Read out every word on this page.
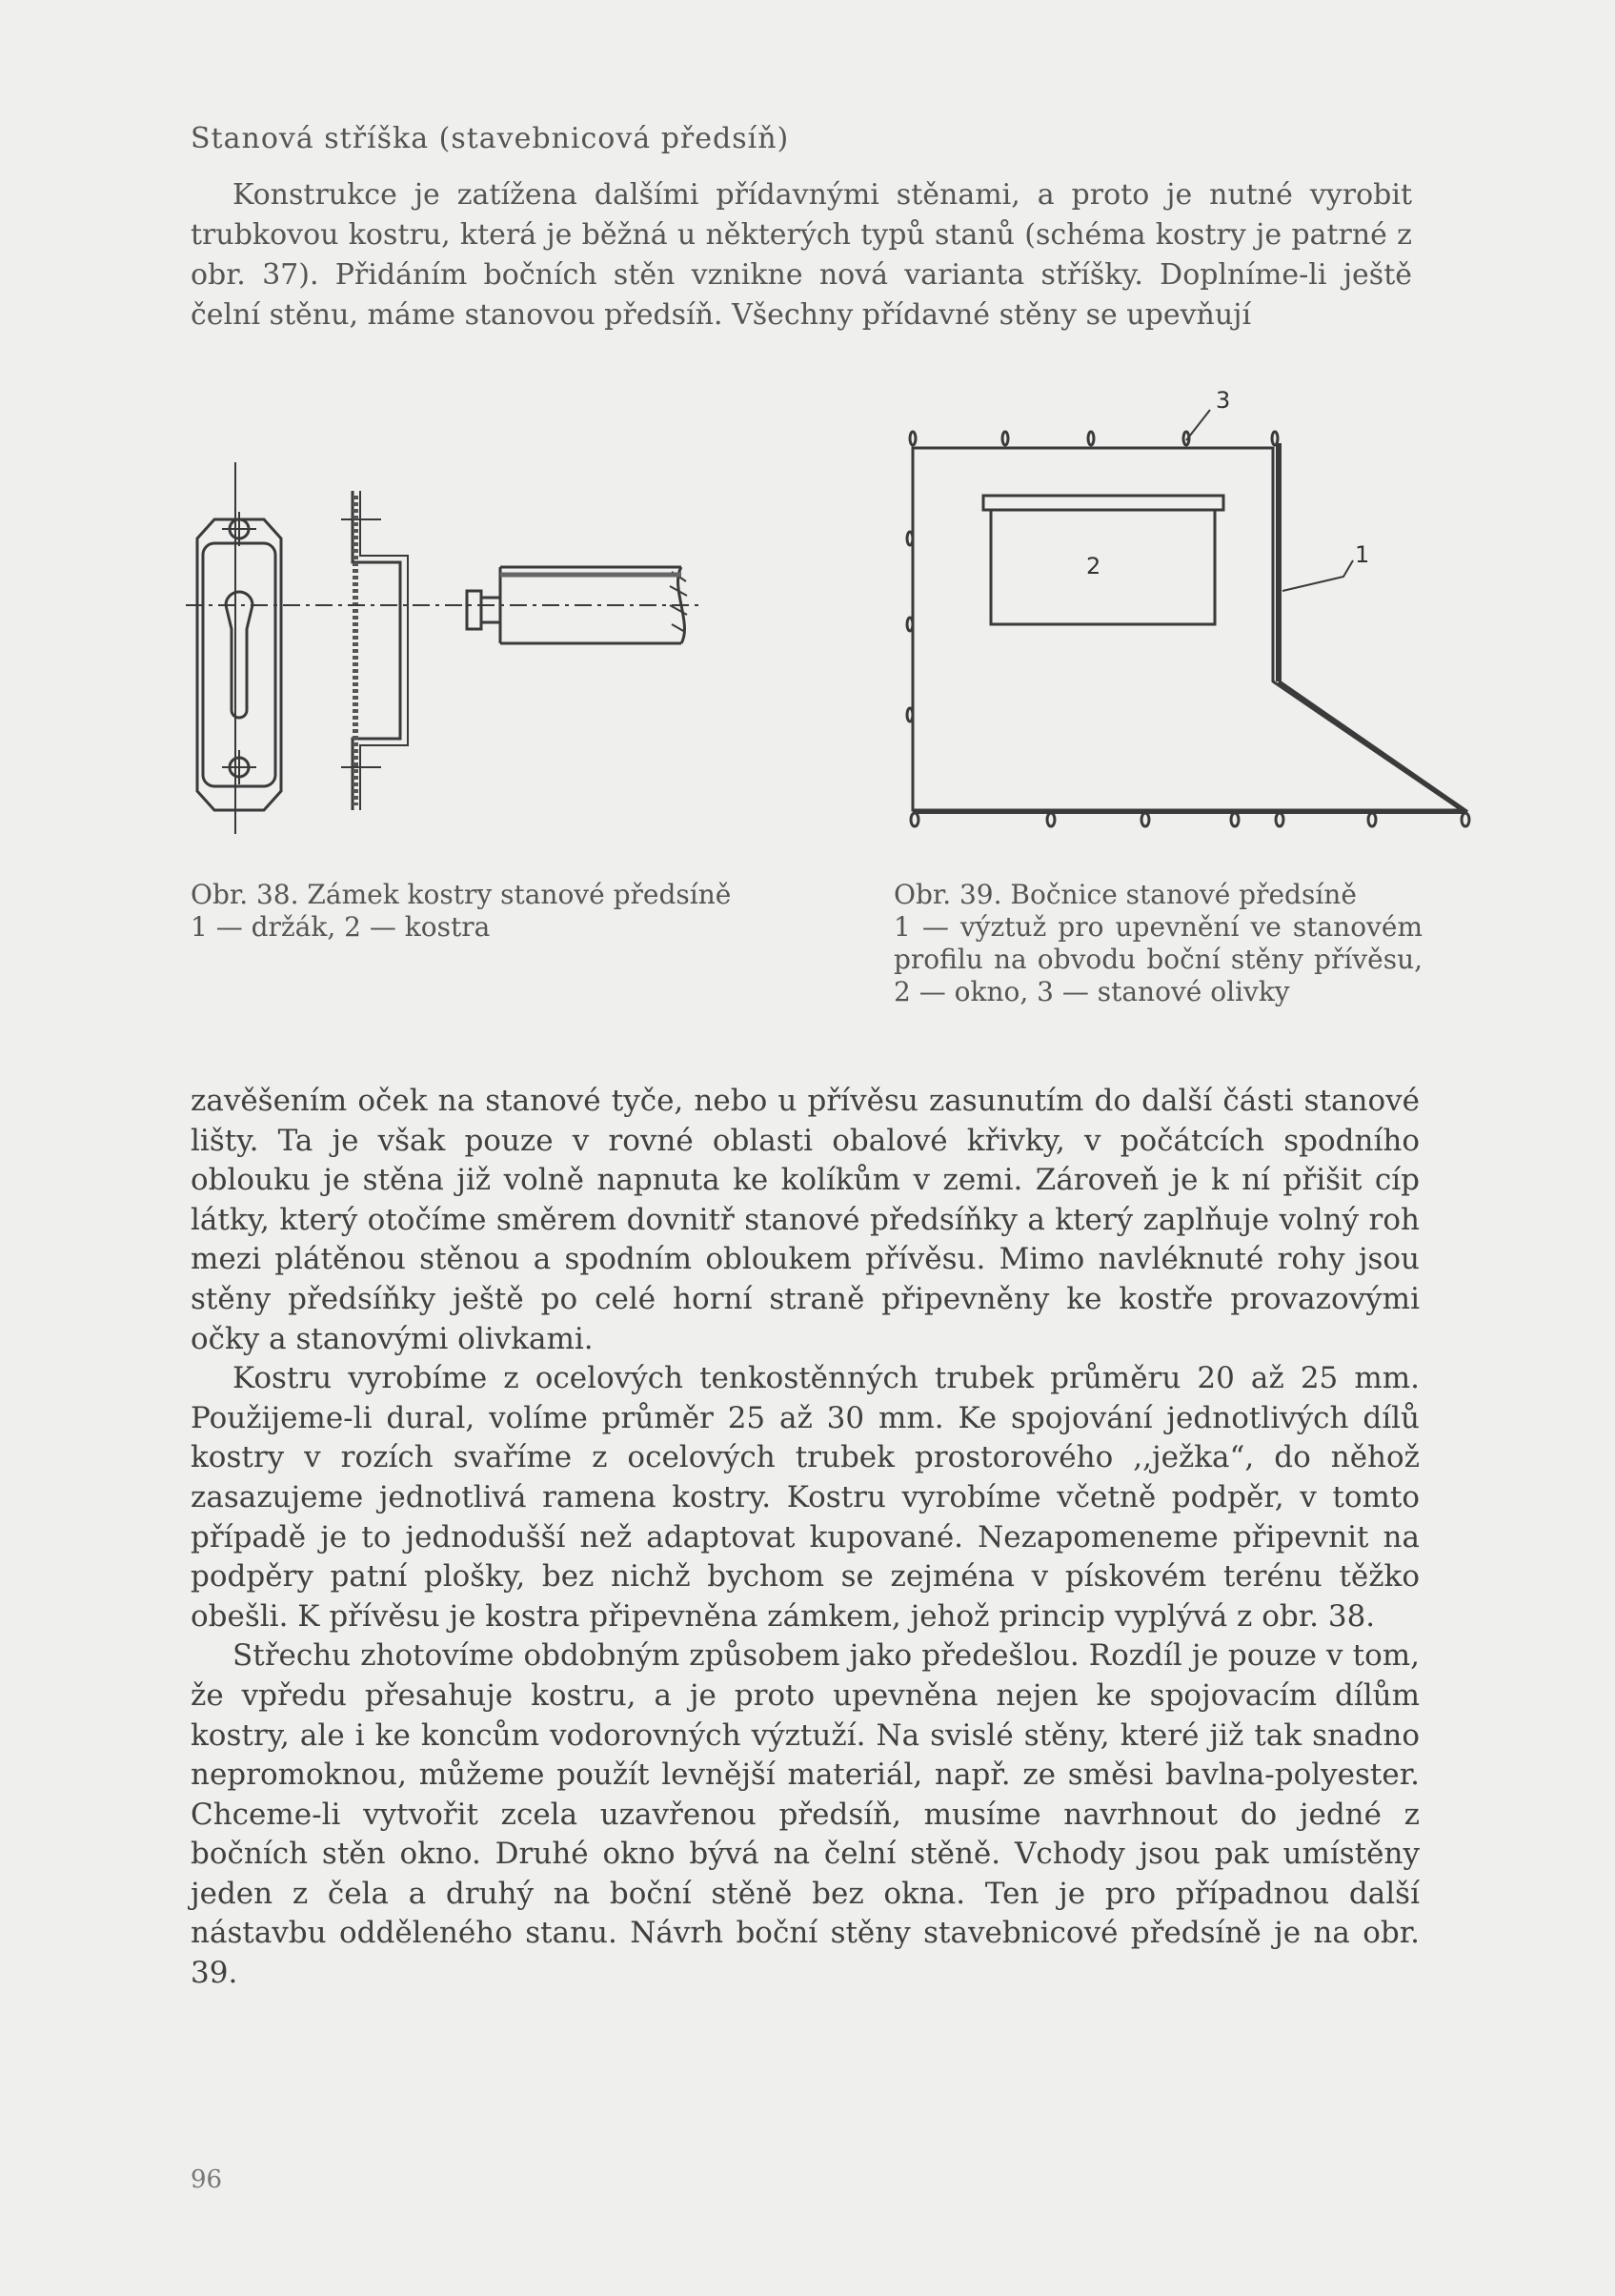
Stanová stříška (stavebnicová předsíň)

Konstrukce je zatížena dalšími přídavnými stěnami, a proto je nutné vyrobit trubkovou kostru, která je běžná u některých typů stanů (schéma kostry je patrné z obr. 37). Přidáním bočních stěn vznikne nová varianta stříšky. Doplníme-li ještě čelní stěnu, máme stanovou předsíň. Všechny přídavné stěny se upevňují

2	1
3
Obr. 38. Zámek kostry stanové předsíně
1 — držák, 2 — kostra
Obr. 39. Bočnice stanové předsíně
1 — výztuž pro upevnění ve stanovém profilu na obvodu boční stěny přívěsu, 2 — okno, 3 — stanové olivky

zavěšením oček na stanové tyče, nebo u přívěsu zasunutím do další části stanové lišty. Ta je však pouze v rovné oblasti obalové křivky, v počátcích spodního oblouku je stěna již volně napnuta ke kolíkům v zemi. Zároveň je k ní přišit cíp látky, který otočíme směrem dovnitř stanové předsíňky a který zaplňuje volný roh mezi plátěnou stěnou a spodním obloukem přívěsu. Mimo navléknuté rohy jsou stěny předsíňky ještě po celé horní straně připevněny ke kostře provazovými očky a stanovými olivkami.

Kostru vyrobíme z ocelových tenkostěnných trubek průměru 20 až 25 mm. Použijeme-li dural, volíme průměr 25 až 30 mm. Ke spojování jednotlivých dílů kostry v rozích svaříme z ocelových trubek prostorového ,,ježka“, do něhož zasazujeme jednotlivá ramena kostry. Kostru vyrobíme včetně podpěr, v tomto případě je to jednodušší než adaptovat kupované. Nezapomeneme připevnit na podpěry patní plošky, bez nichž bychom se zejména v pískovém terénu těžko obešli. K přívěsu je kostra připevněna zámkem, jehož princip vyplývá z obr. 38.

Střechu zhotovíme obdobným způsobem jako předešlou. Rozdíl je pouze v tom, že vpředu přesahuje kostru, a je proto upevněna nejen ke spojovacím dílům kostry, ale i ke koncům vodorovných výztuží. Na svislé stěny, které již tak snadno nepromoknou, můžeme použít levnější materiál, např. ze směsi bavlna-polyester. Chceme-li vytvořit zcela uzavřenou předsíň, musíme navrhnout do jedné z bočních stěn okno. Druhé okno bývá na čelní stěně. Vchody jsou pak umístěny jeden z čela a druhý na boční stěně bez okna. Ten je pro případnou další nástavbu odděleného stanu. Návrh boční stěny stavebnicové předsíně je na obr. 39.

96
